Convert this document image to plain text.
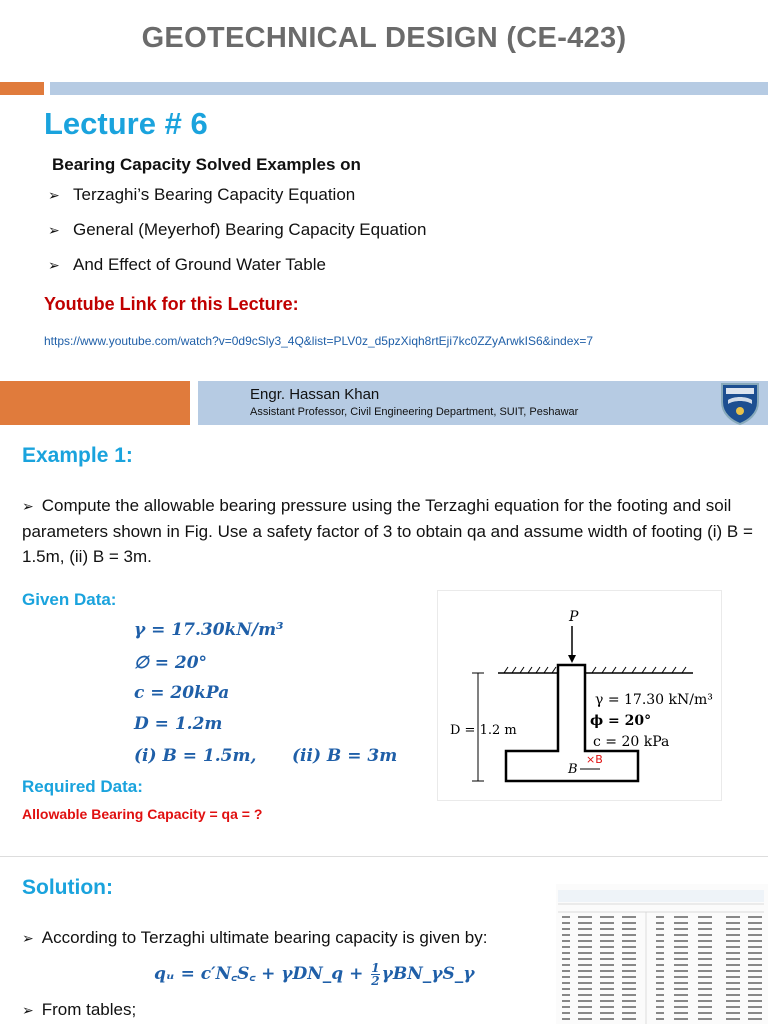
GEOTECHNICAL DESIGN (CE-423)
Lecture # 6
Bearing Capacity Solved Examples on
➢ Terzaghi’s Bearing Capacity Equation
➢ General (Meyerhof) Bearing Capacity Equation
➢ And Effect of Ground Water Table
Youtube Link for this Lecture:
https://www.youtube.com/watch?v=0d9cSly3_4Q&list=PLV0z_d5pzXiqh8rtEji7kc0ZZyArwkIS6&index=7
Engr. Hassan Khan
Assistant Professor, Civil Engineering Department, SUIT, Peshawar
Example 1:
➢ Compute the allowable bearing pressure using the Terzaghi equation for the footing and soil parameters shown in Fig. Use a safety factor of 3 to obtain qa and assume width of footing (i) B = 1.5m, (ii) B = 3m.
Given Data:
γ = 17.30kN/m³
∅ = 20°
c = 20kPa
D = 1.2m
(i) B = 1.5m, (ii) B = 3m
P
D = 1.2 m
γ = 17.30 kN/m³
ϕ = 20°
c = 20 kPa
B
×B
Required Data:
Allowable Bearing Capacity = qa = ?
Solution:
➢ According to Terzaghi ultimate bearing capacity is given by:
qᵤ = c′N꜀S꜀ + γDN_q + $\frac{1}{2}$ γBN_γS_γ
➢ From tables;
